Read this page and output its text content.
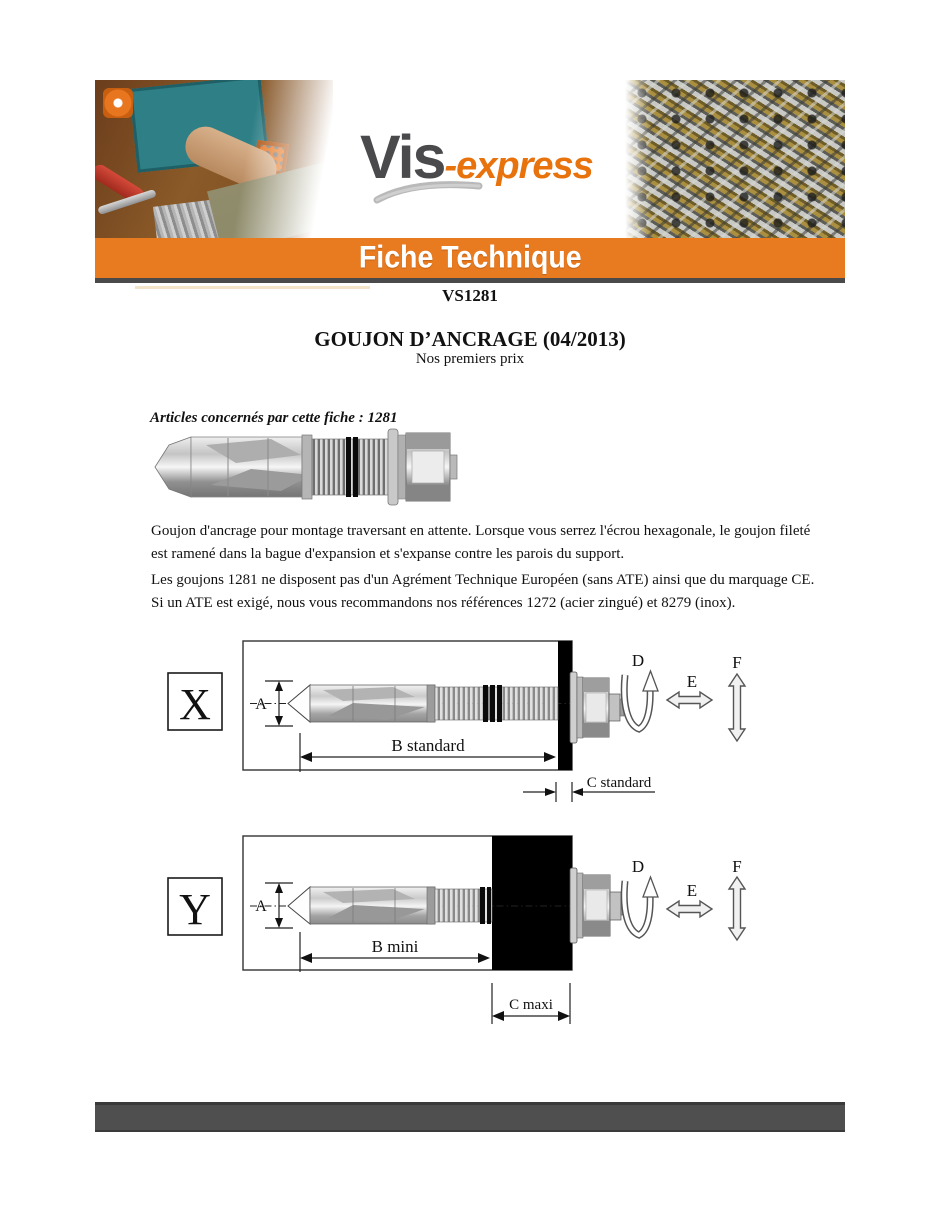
Vis-express
Fiche Technique
VS1281
GOUJON D’ANCRAGE (04/2013)
Nos premiers prix
Articles concernés par cette fiche : 1281
Goujon d'ancrage pour montage traversant en attente. Lorsque vous serrez l'écrou hexagonale, le goujon fileté est ramené dans la bague d'expansion et s'expanse contre les parois du support.
Les goujons 1281 ne disposent pas d'un Agrément Technique Européen (sans ATE) ainsi que du marquage CE. Si un ATE est exigé, nous vous recommandons nos références 1272 (acier zingué) et 8279 (inox).
X	A
B standard
C standard
D
E
F
Y	A
B mini
C maxi
D
E
F
